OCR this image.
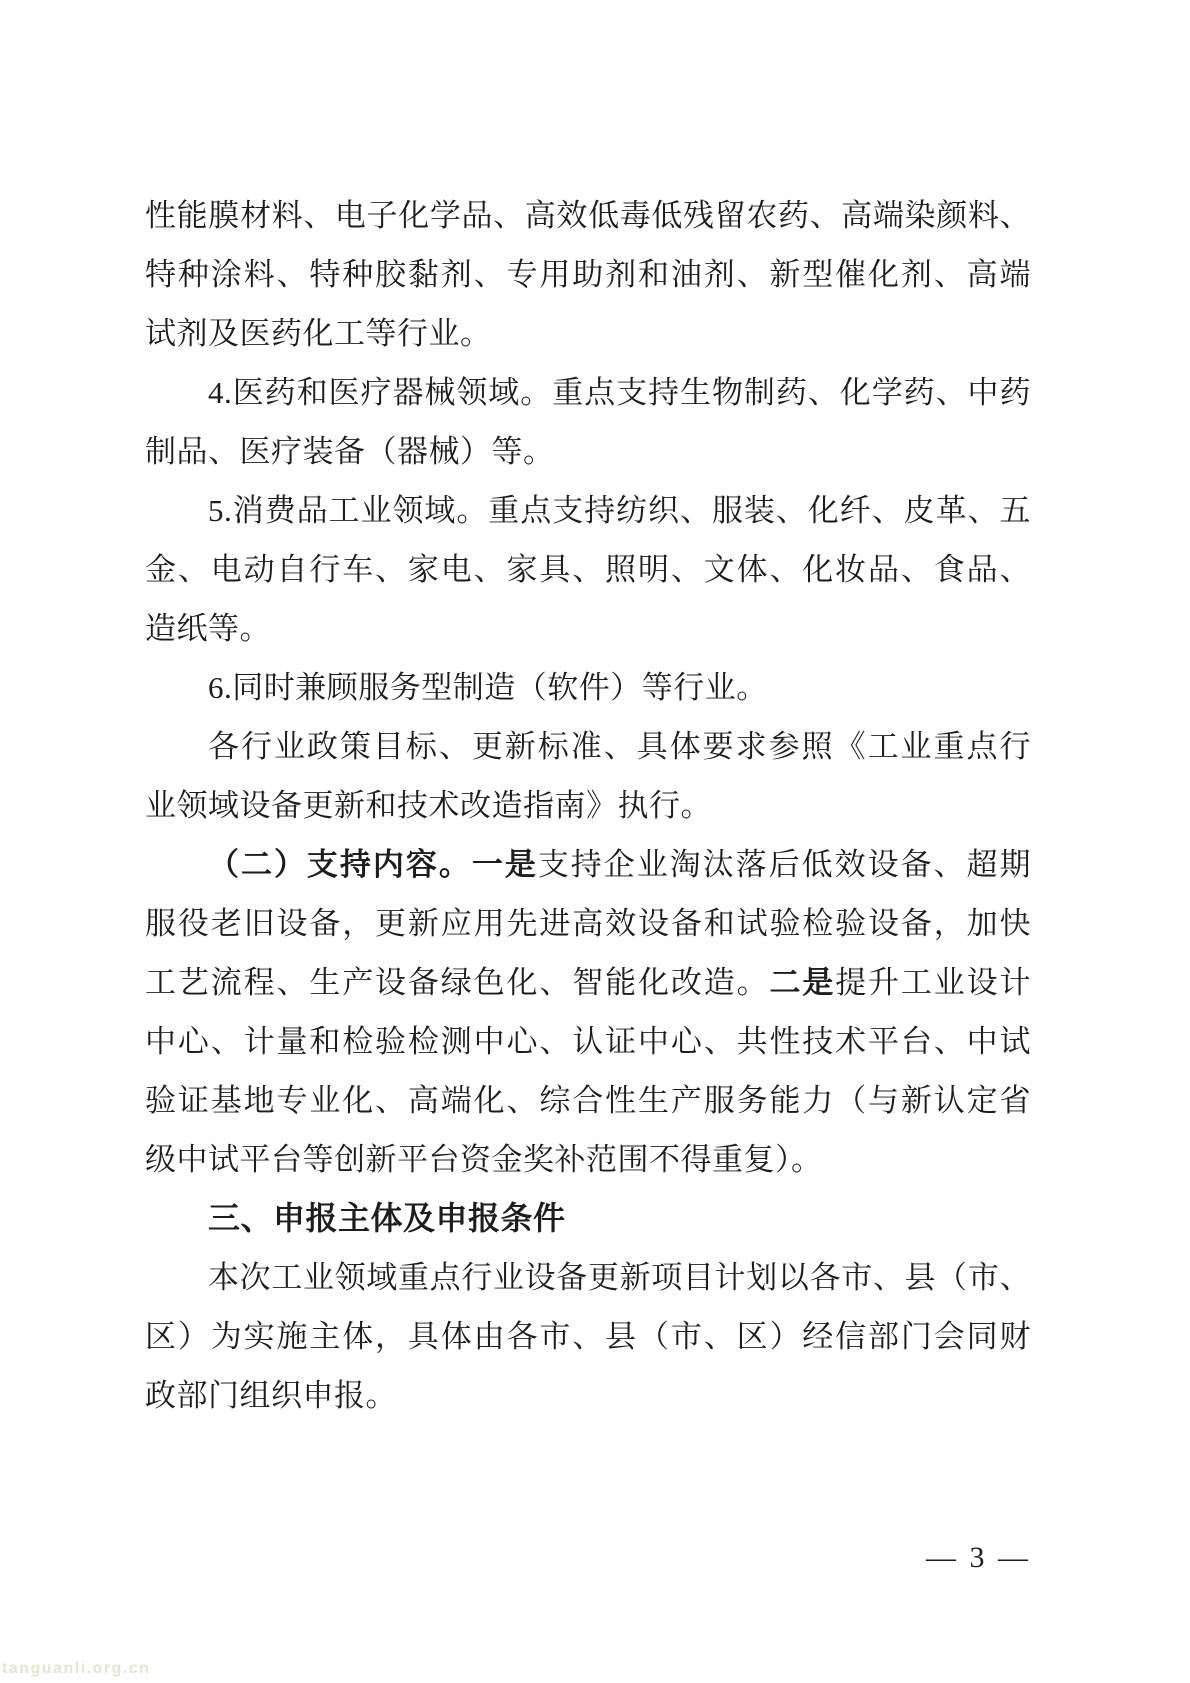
性能膜材料、电子化学品、高效低毒低残留农药、高端染颜料、
特种涂料、特种胶黏剂、专用助剂和油剂、新型催化剂、高端
试剂及医药化工等行业。
4.医药和医疗器械领域。重点支持生物制药、化学药、中药
制品、医疗装备（器械）等。
5.消费品工业领域。重点支持纺织、服装、化纤、皮革、五
金、电动自行车、家电、家具、照明、文体、化妆品、食品、
造纸等。
6.同时兼顾服务型制造（软件）等行业。
各行业政策目标、更新标准、具体要求参照《工业重点行
业领域设备更新和技术改造指南》执行。
（二）支持内容。一是支持企业淘汰落后低效设备、超期
服役老旧设备，更新应用先进高效设备和试验检验设备，加快
工艺流程、生产设备绿色化、智能化改造。二是提升工业设计
中心、计量和检验检测中心、认证中心、共性技术平台、中试
验证基地专业化、高端化、综合性生产服务能力（与新认定省
级中试平台等创新平台资金奖补范围不得重复）。
三、申报主体及申报条件
本次工业领域重点行业设备更新项目计划以各市、县（市、
区）为实施主体，具体由各市、县（市、区）经信部门会同财
政部门组织申报。
— 3 —
tanguanli.org.cn
